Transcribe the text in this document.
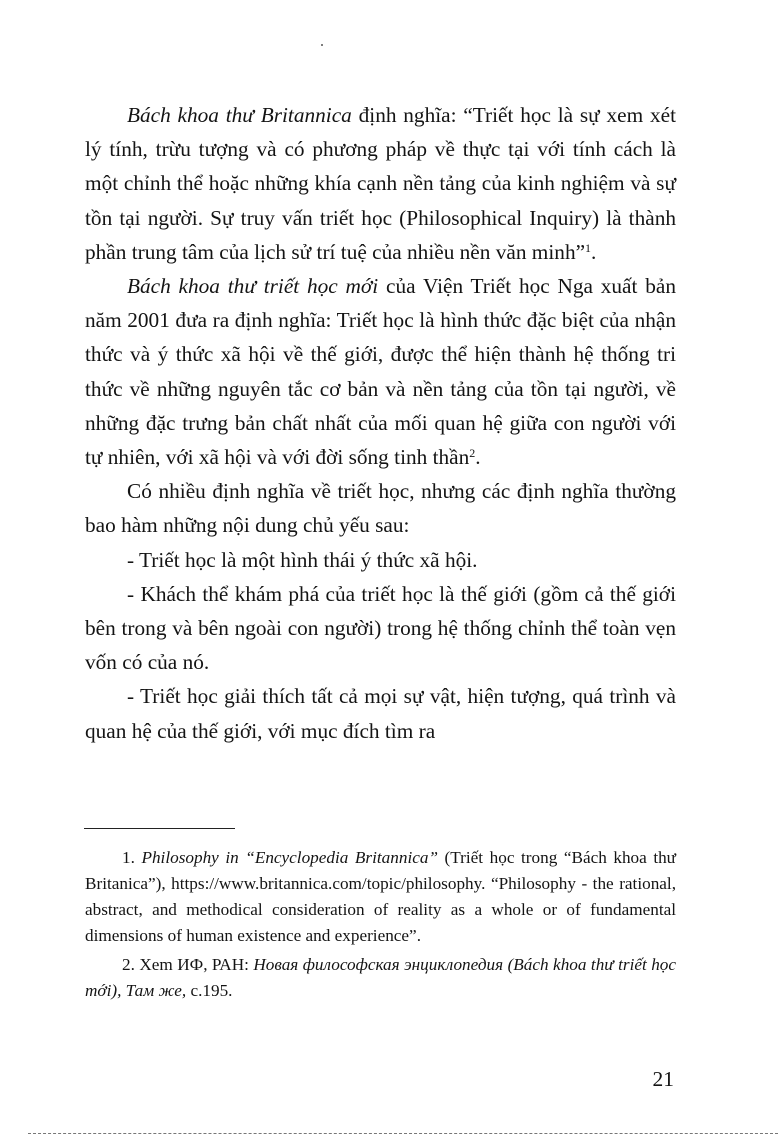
Bách khoa thư Britannica định nghĩa: “Triết học là sự xem xét lý tính, trừu tượng và có phương pháp về thực tại với tính cách là một chỉnh thể hoặc những khía cạnh nền tảng của kinh nghiệm và sự tồn tại người. Sự truy vấn triết học (Philosophical Inquiry) là thành phần trung tâm của lịch sử trí tuệ của nhiều nền văn minh”$^1$.

Bách khoa thư triết học mới của Viện Triết học Nga xuất bản năm 2001 đưa ra định nghĩa: Triết học là hình thức đặc biệt của nhận thức và ý thức xã hội về thế giới, được thể hiện thành hệ thống tri thức về những nguyên tắc cơ bản và nền tảng của tồn tại người, về những đặc trưng bản chất nhất của mối quan hệ giữa con người với tự nhiên, với xã hội và với đời sống tinh thần$^2$.

Có nhiều định nghĩa về triết học, nhưng các định nghĩa thường bao hàm những nội dung chủ yếu sau:

- Triết học là một hình thái ý thức xã hội.

- Khách thể khám phá của triết học là thế giới (gồm cả thế giới bên trong và bên ngoài con người) trong hệ thống chỉnh thể toàn vẹn vốn có của nó.

- Triết học giải thích tất cả mọi sự vật, hiện tượng, quá trình và quan hệ của thế giới, với mục đích tìm ra

1. Philosophy in “Encyclopedia Britannica” (Triết học trong “Bách khoa thư Britanica”), https://www.britannica.com/topic/philosophy. “Philosophy - the rational, abstract, and methodical consideration of reality as a whole or of fundamental dimensions of human existence and experience”.

2. Xem ИФ, РАН: Новая философская энциклопедия (Bách khoa thư triết học mới), Там же, c.195.

21
